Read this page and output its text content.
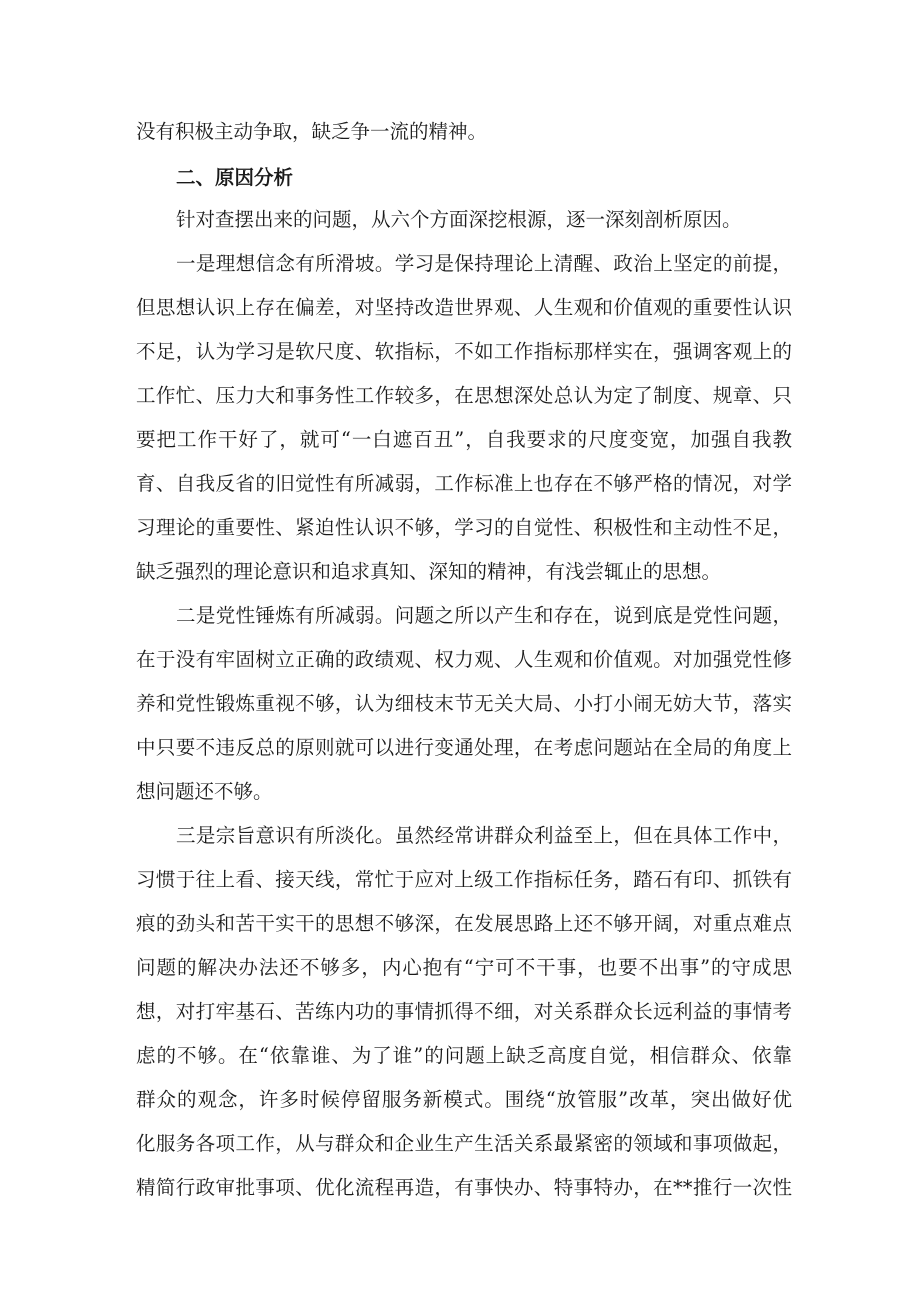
没有积极主动争取，缺乏争一流的精神。
二、原因分析
针对查摆出来的问题，从六个方面深挖根源，逐一深刻剖析原因。
一是理想信念有所滑坡。学习是保持理论上清醒、政治上坚定的前提，
但思想认识上存在偏差，对坚持改造世界观、人生观和价值观的重要性认识
不足，认为学习是软尺度、软指标，不如工作指标那样实在，强调客观上的
工作忙、压力大和事务性工作较多，在思想深处总认为定了制度、规章、只
要把工作干好了，就可“一白遮百丑”，自我要求的尺度变宽，加强自我教
育、自我反省的旧觉性有所减弱，工作标准上也存在不够严格的情况，对学
习理论的重要性、紧迫性认识不够，学习的自觉性、积极性和主动性不足，
缺乏强烈的理论意识和追求真知、深知的精神，有浅尝辄止的思想。
二是党性锤炼有所减弱。问题之所以产生和存在，说到底是党性问题，
在于没有牢固树立正确的政绩观、权力观、人生观和价值观。对加强党性修
养和党性锻炼重视不够，认为细枝末节无关大局、小打小闹无妨大节，落实
中只要不违反总的原则就可以进行变通处理，在考虑问题站在全局的角度上
想问题还不够。
三是宗旨意识有所淡化。虽然经常讲群众利益至上，但在具体工作中，
习惯于往上看、接天线，常忙于应对上级工作指标任务，踏石有印、抓铁有
痕的劲头和苦干实干的思想不够深，在发展思路上还不够开阔，对重点难点
问题的解决办法还不够多，内心抱有“宁可不干事，也要不出事”的守成思
想，对打牢基石、苦练内功的事情抓得不细，对关系群众长远利益的事情考
虑的不够。在“依靠谁、为了谁”的问题上缺乏高度自觉，相信群众、依靠
群众的观念，许多时候停留服务新模式。围绕“放管服”改革，突出做好优
化服务各项工作，从与群众和企业生产生活关系最紧密的领域和事项做起，
精简行政审批事项、优化流程再造，有事快办、特事特办，在**推行一次性
